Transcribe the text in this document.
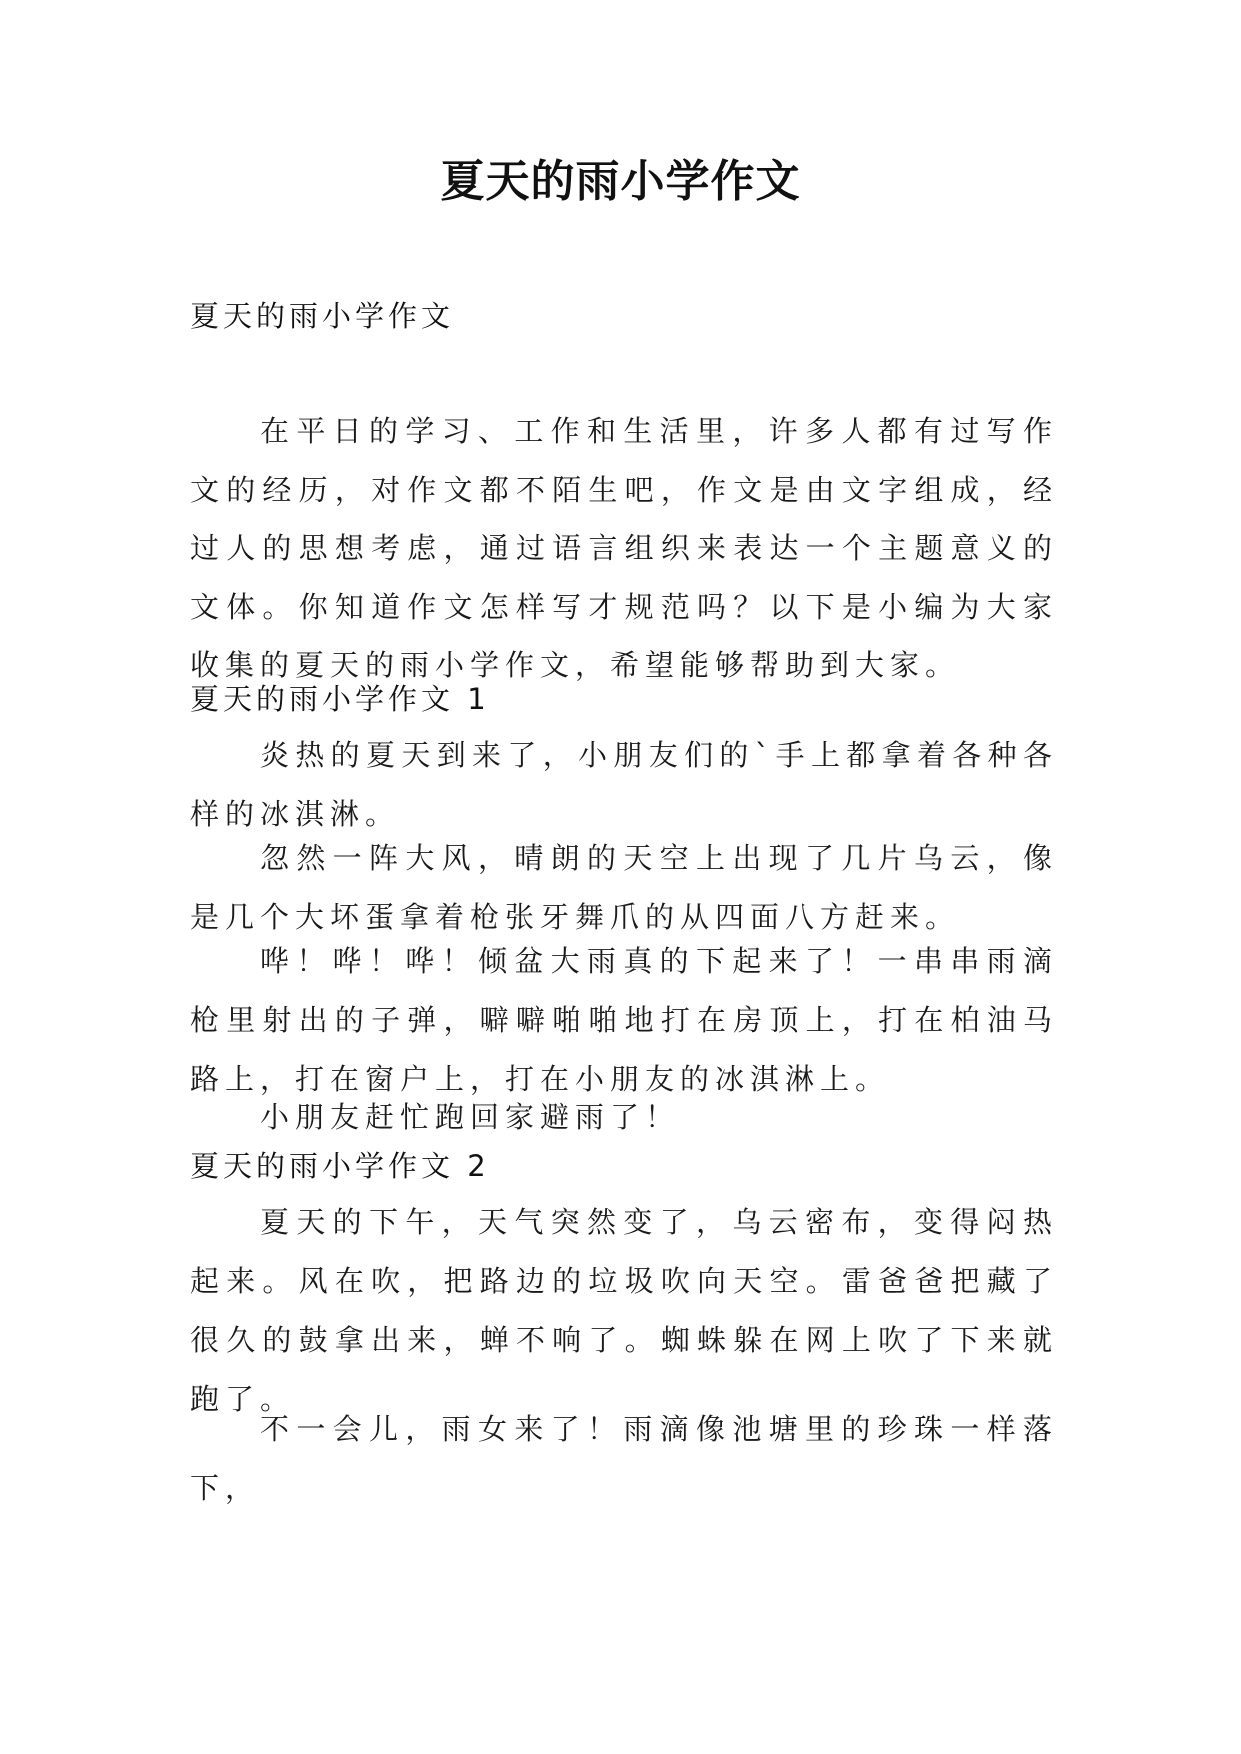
夏天的雨小学作文
夏天的雨小学作文

在平日的学习、工作和生活里，许多人都有过写作文的经历，对作文都不陌生吧，作文是由文字组成，经过人的思想考虑，通过语言组织来表达一个主题意义的文体。你知道作文怎样写才规范吗？以下是小编为大家收集的夏天的雨小学作文，希望能够帮助到大家。

夏天的雨小学作文 1

炎热的夏天到来了，小朋友们的`手上都拿着各种各样的冰淇淋。

忽然一阵大风，晴朗的天空上出现了几片乌云，像是几个大坏蛋拿着枪张牙舞爪的从四面八方赶来。

哗！哗！哗！倾盆大雨真的下起来了！一串串雨滴枪里射出的子弹，噼噼啪啪地打在房顶上，打在柏油马路上，打在窗户上，打在小朋友的冰淇淋上。

小朋友赶忙跑回家避雨了！

夏天的雨小学作文 2

夏天的下午，天气突然变了，乌云密布，变得闷热起来。风在吹，把路边的垃圾吹向天空。雷爸爸把藏了很久的鼓拿出来，蝉不响了。蜘蛛躲在网上吹了下来就跑了。

不一会儿，雨女来了！雨滴像池塘里的珍珠一样落下，
